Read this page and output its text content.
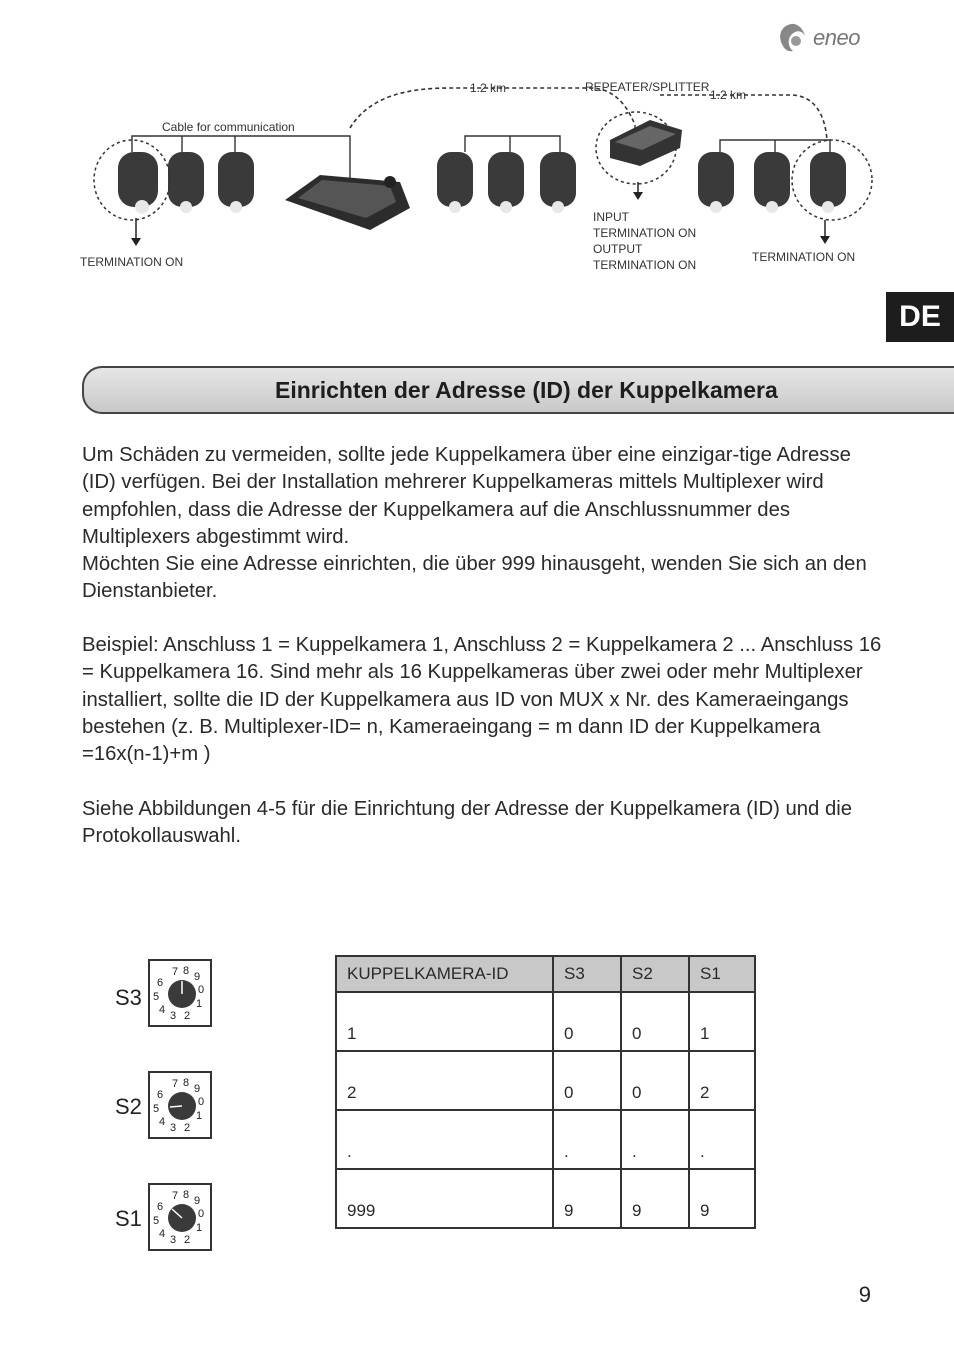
eneo
1.2 km	REPEATER/SPLITTER
1.2 km
Cable for communication
TERMINATION ON
INPUT
TERMINATION ON
OUTPUT
TERMINATION ON
TERMINATION ON
DE
Einrichten der Adresse (ID) der Kuppelkamera

Um Schäden zu vermeiden, sollte jede Kuppelkamera über eine einzigar-tige Adresse (ID) verfügen. Bei der Installation mehrerer Kuppelkameras mittels Multiplexer wird empfohlen, dass die Adresse der Kuppelkamera auf die Anschlussnummer des Multiplexers abgestimmt wird.

Möchten Sie eine Adresse einrichten, die über 999 hinausgeht, wenden Sie sich an den Dienstanbieter.

Beispiel: Anschluss 1 = Kuppelkamera 1, Anschluss 2 = Kuppelkamera 2 ... Anschluss 16 = Kuppelkamera 16. Sind mehr als 16 Kuppelkameras über zwei oder mehr Multiplexer installiert, sollte die ID der Kuppelkamera aus ID von MUX x Nr. des Kameraeingangs bestehen (z. B. Multiplexer-ID= n, Kameraeingang = m dann ID der Kuppelkamera =16x(n-1)+m )

Siehe Abbildungen 4-5 für die Einrichtung der Adresse der Kuppelkamera (ID) und die Protokollauswahl.

S3
7 8 9
0
1
2
3
4
5
6
S2
7 8 9
0
1
2
3
4
5
6
S1
7 8 9
0
1
2
3
4
5
6
KUPPELKAMERA-ID	S3	S2	S1
1	0	0	1
2	0	0	2
.	.	.	.
999	9	9	9
9
